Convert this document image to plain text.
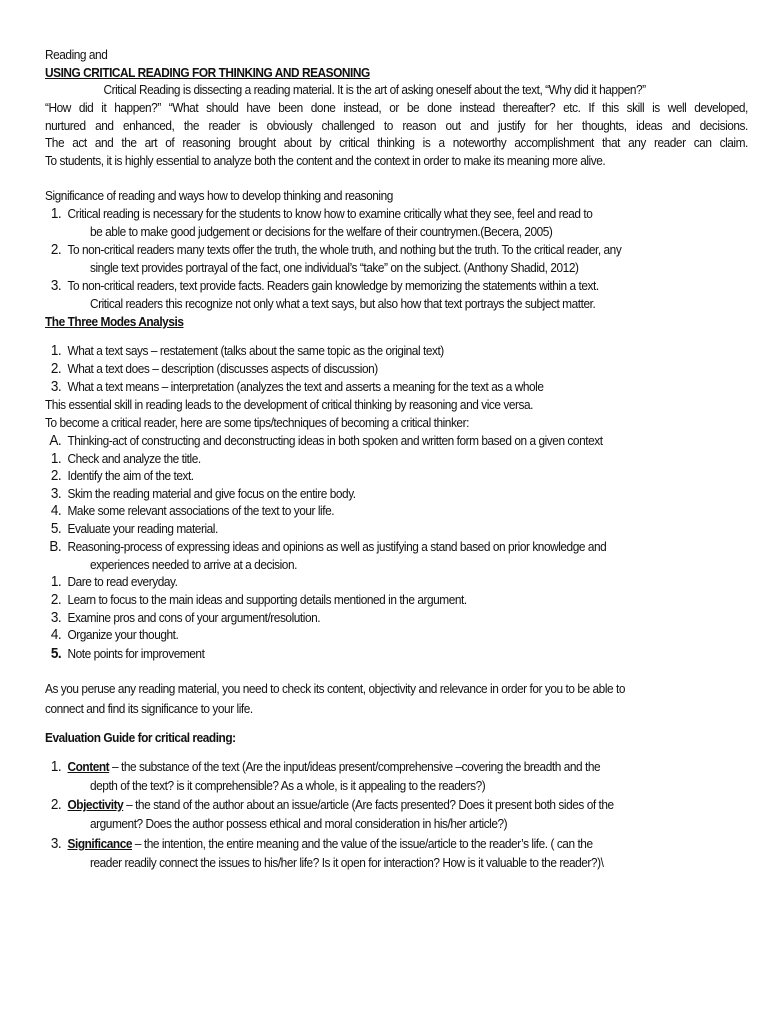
Reading and
USING CRITICAL READING FOR THINKING AND REASONING
Critical Reading is dissecting a reading material. It is the art of asking oneself about the text, “Why did it happen?”
“How did it happen?” “What should have been done instead, or be done instead thereafter? etc. If this skill is well developed,
nurtured and enhanced, the reader is obviously challenged to reason out and justify for her thoughts, ideas and decisions.
The act and the art of reasoning brought about by critical thinking is a noteworthy accomplishment that any reader can claim.
To students, it is highly essential to analyze both the content and the context in order to make its meaning more alive.
Significance of reading and ways how to develop thinking and reasoning
1. Critical reading is necessary for the students to know how to examine critically what they see, feel and read to
be able to make good judgement or decisions for the welfare of their countrymen.(Becera, 2005)
2. To non-critical readers many texts offer the truth, the whole truth, and nothing but the truth. To the critical reader, any
single text provides portrayal of the fact, one individual’s “take” on the subject. (Anthony Shadid, 2012)
3. To non-critical readers, text provide facts. Readers gain knowledge by memorizing the statements within a text.
Critical readers this recognize not only what a text says, but also how that text portrays the subject matter.
The Three Modes Analysis
1. What a text says – restatement (talks about the same topic as the original text)
2. What a text does – description (discusses aspects of discussion)
3. What a text means – interpretation (analyzes the text and asserts a meaning for the text as a whole
This essential skill in reading leads to the development of critical thinking by reasoning and vice versa.
To become a critical reader, here are some tips/techniques of becoming a critical thinker:
A. Thinking-act of constructing and deconstructing ideas in both spoken and written form based on a given context
1. Check and analyze the title.
2. Identify the aim of the text.
3. Skim the reading material and give focus on the entire body.
4. Make some relevant associations of the text to your life.
5. Evaluate your reading material.
B. Reasoning-process of expressing ideas and opinions as well as justifying a stand based on prior knowledge and
experiences needed to arrive at a decision.
1. Dare to read everyday.
2. Learn to focus to the main ideas and supporting details mentioned in the argument.
3. Examine pros and cons of your argument/resolution.
4. Organize your thought.
5. Note points for improvement
As you peruse any reading material, you need to check its content, objectivity and relevance in order for you to be able to
connect and find its significance to your life.
Evaluation Guide for critical reading:
1. Content – the substance of the text (Are the input/ideas present/comprehensive –covering the breadth and the
depth of the text? is it comprehensible? As a whole, is it appealing to the readers?)
2. Objectivity – the stand of the author about an issue/article (Are facts presented? Does it present both sides of the
argument? Does the author possess ethical and moral consideration in his/her article?)
3. Significance – the intention, the entire meaning and the value of the issue/article to the reader’s life. ( can the
reader readily connect the issues to his/her life? Is it open for interaction? How is it valuable to the reader?)\
